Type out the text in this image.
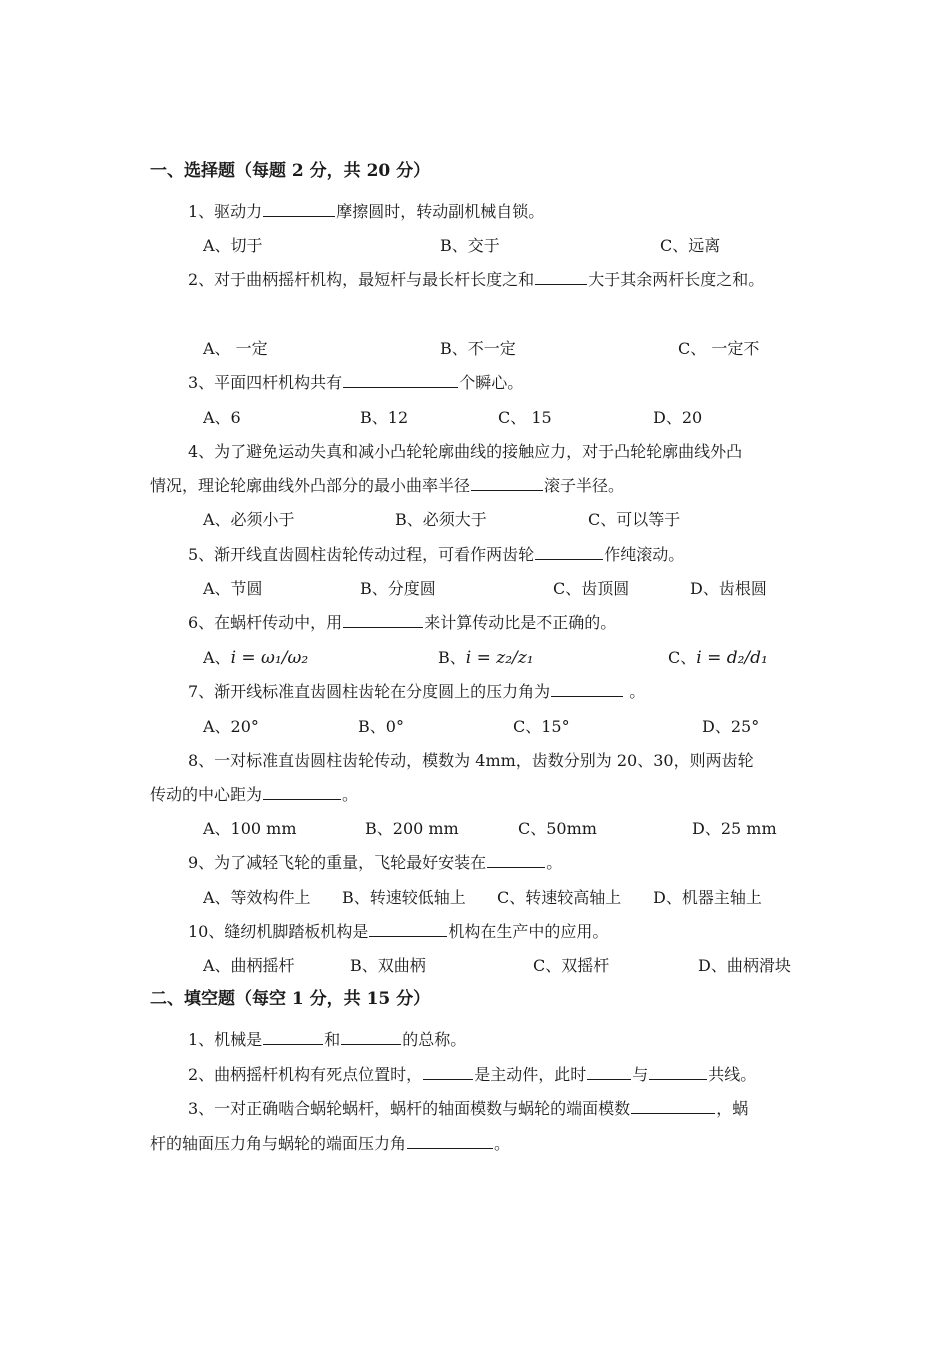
一、选择题（每题 2 分，共 20 分）
1、驱动力	摩擦圆时，转动副机械自锁。
A、切于	B、交于	C、远离
2、对于曲柄摇杆机构，最短杆与最长杆长度之和	大于其余两杆长度之和。
A、 一定	B、不一定	C、 一定不
3、平面四杆机构共有	个瞬心。
A、6	B、12	C、 15	D、20
4、为了避免运动失真和减小凸轮轮廓曲线的接触应力，对于凸轮轮廓曲线外凸
情况，理论轮廓曲线外凸部分的最小曲率半径	滚子半径。
A、必须小于	B、必须大于	C、可以等于
5、渐开线直齿圆柱齿轮传动过程，可看作两齿轮	作纯滚动。
A、节圆	B、分度圆	C、齿顶圆	D、齿根圆
6、在蜗杆传动中，用	来计算传动比是不正确的。
A、i = ω₁/ω₂	B、i = z₂/z₁	C、i = d₂/d₁
7、渐开线标准直齿圆柱齿轮在分度圆上的压力角为	。
A、20°	B、0°	C、15°	D、25°
8、一对标准直齿圆柱齿轮传动，模数为 4mm，齿数分别为 20、30，则两齿轮
传动的中心距为	。
A、100 mm	B、200 mm	C、50mm	D、25 mm
9、为了减轻飞轮的重量，飞轮最好安装在	。
A、等效构件上 B、转速较低轴上 C、转速较高轴上 D、机器主轴上
10、缝纫机脚踏板机构是	机构在生产中的应用。
A、曲柄摇杆	B、双曲柄	C、双摇杆	D、曲柄滑块
二、填空题（每空 1 分，共 15 分）
1、机械是	和	的总称。
2、曲柄摇杆机构有死点位置时，	是主动件，此时	与	共线。
3、一对正确啮合蜗轮蜗杆，蜗杆的轴面模数与蜗轮的端面模数	，蜗
杆的轴面压力角与蜗轮的端面压力角	。
